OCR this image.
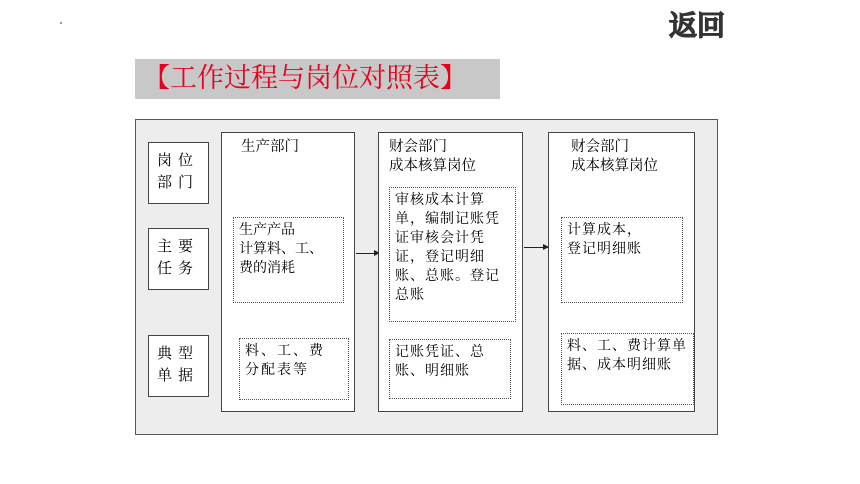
费用业务核算	返回
【工作过程与岗位对照表】
岗位
部门
主要
任务
典型
单据
生产部门
生产产品
计算料、工、
费的消耗
料、工、费
分配表等
财会部门
成本核算岗位
审核成本计算单，编制记账凭证审核会计凭证，登记明细账、总账。登记总账
记账凭证、总
账、明细账
财会部门
成本核算岗位
计算成本，
登记明细账
料、工、费计算单据、成本明细账
企业财务会计	学习情境10：收入和费用业务核算
